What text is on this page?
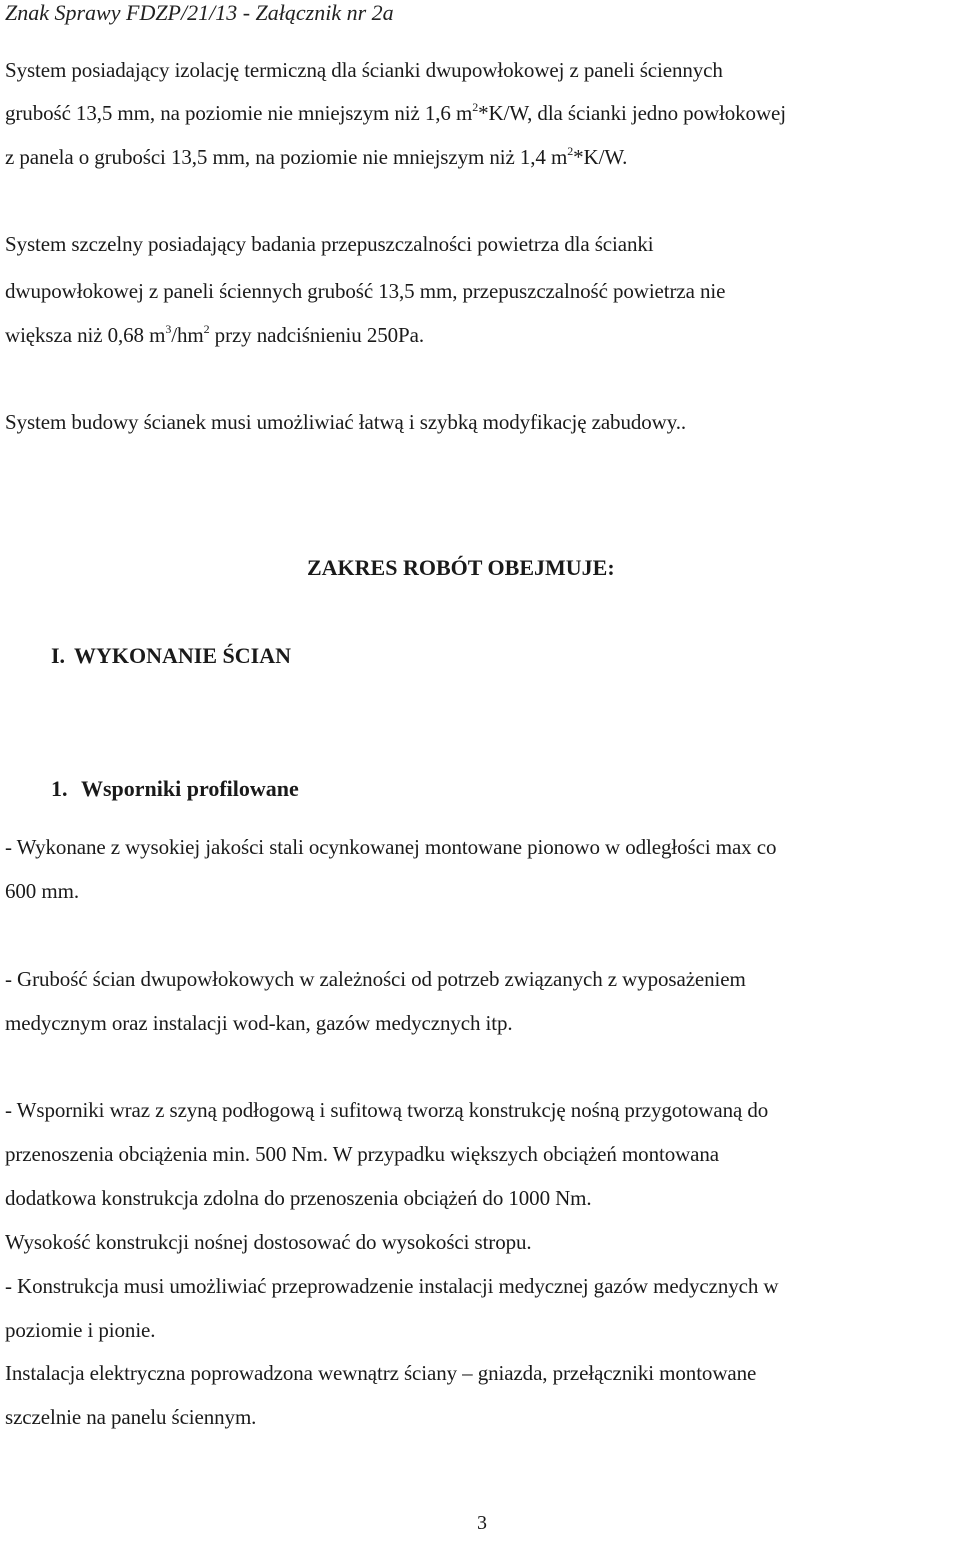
Znak Sprawy FDZP/21/13 - Załącznik nr 2a
System posiadający izolację termiczną dla ścianki dwupowłokowej z paneli ściennych
grubość 13,5 mm, na poziomie nie mniejszym niż 1,6 $m^2*K/W$, dla ścianki jedno powłokowej
z panela o grubości 13,5 mm, na poziomie nie mniejszym niż 1,4 $m^2*K/W$.
System szczelny posiadający badania przepuszczalności powietrza dla ścianki
dwupowłokowej z paneli ściennych grubość 13,5 mm, przepuszczalność powietrza nie
większa niż 0,68 $m^3/hm^2$ przy nadciśnieniu 250Pa.
System budowy ścianek musi umożliwiać łatwą i szybką modyfikację zabudowy..
ZAKRES ROBÓT OBEJMUJE:
I. WYKONANIE ŚCIAN
1. Wsporniki profilowane
- Wykonane z wysokiej jakości stali ocynkowanej montowane pionowo w odległości max co
600 mm.
- Grubość ścian dwupowłokowych w zależności od potrzeb związanych z wyposażeniem
medycznym oraz instalacji wod-kan, gazów medycznych itp.
- Wsporniki wraz z szyną podłogową i sufitową tworzą konstrukcję nośną przygotowaną do
przenoszenia obciążenia min. 500 Nm. W przypadku większych obciążeń montowana
dodatkowa konstrukcja zdolna do przenoszenia obciążeń do 1000 Nm.
Wysokość konstrukcji nośnej dostosować do wysokości stropu.
- Konstrukcja musi umożliwiać przeprowadzenie instalacji medycznej gazów medycznych w
poziomie i pionie.
Instalacja elektryczna poprowadzona wewnątrz ściany – gniazda, przełączniki montowane
szczelnie na panelu ściennym.
3
